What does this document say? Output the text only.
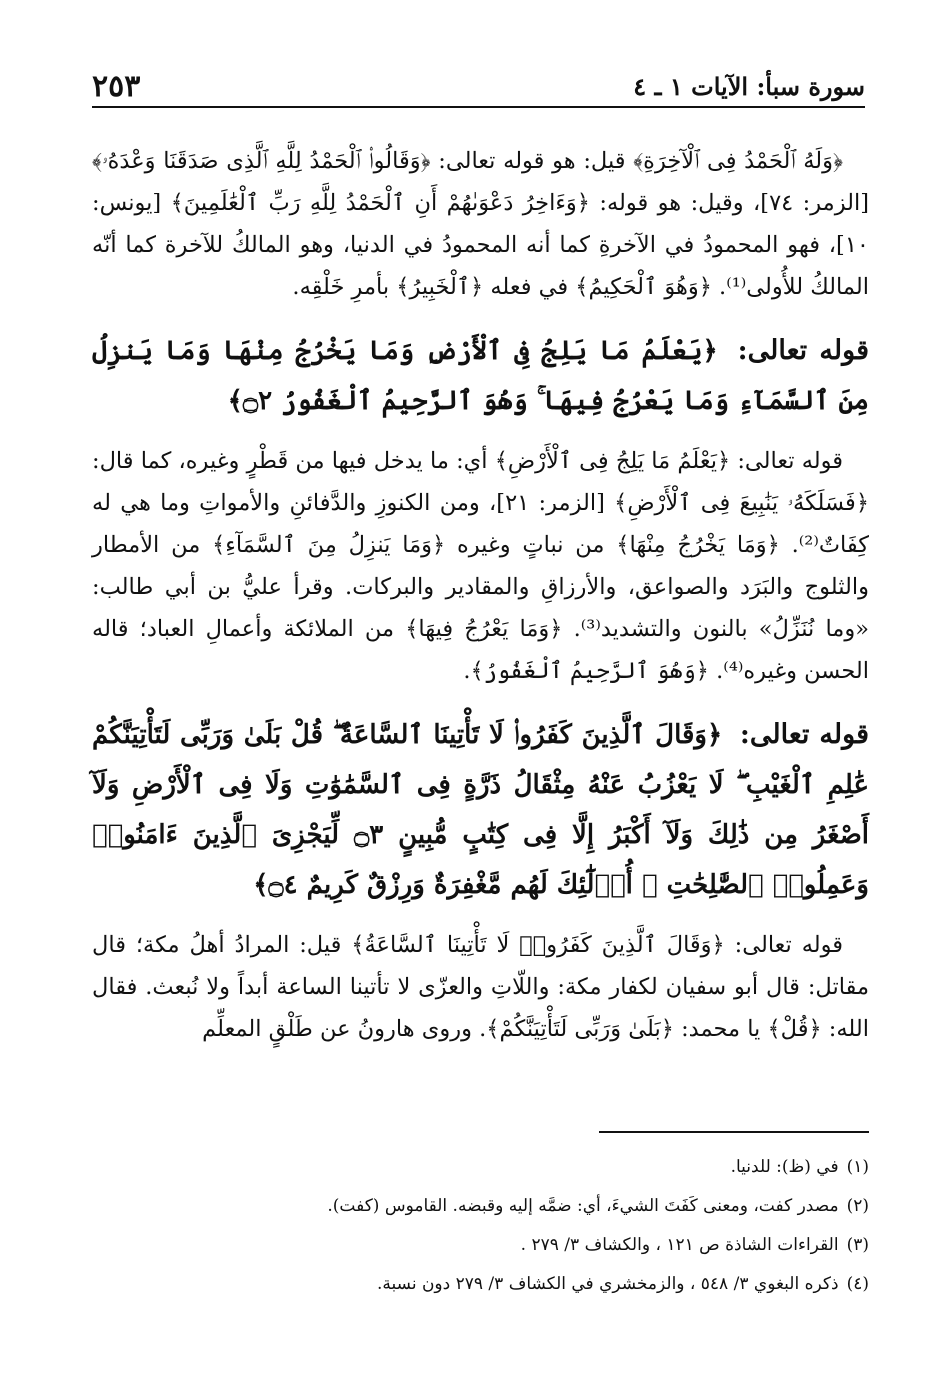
سورة سبأ: الآيات ١ ـ ٤
٢٥٣

﴿وَلَهُ ٱلْحَمْدُ فِى ٱلْآخِرَةِ﴾ قيل: هو قوله تعالى: ﴿وَقَالُوا۟ ٱلْحَمْدُ لِلَّهِ ٱلَّذِى صَدَقَنَا وَعْدَهُۥ﴾ [الزمر: ٧٤]، وقيل: هو قوله: ﴿وَءَاخِرُ دَعْوَىٰهُمْ أَنِ ٱلْحَمْدُ لِلَّهِ رَبِّ ٱلْعَٰلَمِينَ﴾ [يونس: ١٠]، فهو المحمودُ في الآخرةِ كما أنه المحمودُ في الدنيا، وهو المالكُ للآخرة كما أنّه المالكُ للأُولى⁽¹⁾. ﴿وَهُوَ ٱلْحَكِيمُ﴾ في فعله ﴿ٱلْخَبِيرُ﴾ بأمرِ خَلْقِه.

قوله تعالى: ﴿يَعْلَمُ مَا يَلِجُ فِى ٱلْأَرْضِ وَمَا يَخْرُجُ مِنْهَا وَمَا يَنزِلُ مِنَ ٱلسَّمَآءِ وَمَا يَعْرُجُ فِيهَا ۚ وَهُوَ ٱلرَّحِيمُ ٱلْغَفُورُ ۝٢﴾

قوله تعالى: ﴿يَعْلَمُ مَا يَلِجُ فِى ٱلْأَرْضِ﴾ أي: ما يدخل فيها من قَطْرٍ وغيره، كما قال: ﴿فَسَلَكَهُۥ يَنَٰبِيعَ فِى ٱلْأَرْضِ﴾ [الزمر: ٢١]، ومن الكنوزِ والدَّفائنِ والأمواتِ وما هي له كِفَاتٌ⁽²⁾. ﴿وَمَا يَخْرُجُ مِنْهَا﴾ من نباتٍ وغيره ﴿وَمَا يَنزِلُ مِنَ ٱلسَّمَآءِ﴾ من الأمطار والثلوج والبَرَد والصواعق، والأرزاقِ والمقادير والبركات. وقرأ عليُّ بن أبي طالب: «وما نُنَزِّلُ» بالنون والتشديد⁽³⁾. ﴿وَمَا يَعْرُجُ فِيهَا﴾ من الملائكة وأعمالِ العباد؛ قاله الحسن وغيره⁽⁴⁾. ﴿وَهُوَ ٱلرَّحِيمُ ٱلْغَفُورُ﴾.

قوله تعالى: ﴿وَقَالَ ٱلَّذِينَ كَفَرُوا۟ لَا تَأْتِينَا ٱلسَّاعَةُ ۖ قُلْ بَلَىٰ وَرَبِّى لَتَأْتِيَنَّكُمْ عَٰلِمِ ٱلْغَيْبِ ۖ لَا يَعْزُبُ عَنْهُ مِثْقَالُ ذَرَّةٍ فِى ٱلسَّمَٰوَٰتِ وَلَا فِى ٱلْأَرْضِ وَلَآ أَصْغَرُ مِن ذَٰلِكَ وَلَآ أَكْبَرُ إِلَّا فِى كِتَٰبٍ مُّبِينٍ ۝٣ لِّيَجْزِىَ ٱلَّذِينَ ءَامَنُوا۟ وَعَمِلُوا۟ ٱلصَّٰلِحَٰتِ ۚ أُو۟لَٰٓئِكَ لَهُم مَّغْفِرَةٌ وَرِزْقٌ كَرِيمٌ ۝٤﴾

قوله تعالى: ﴿وَقَالَ ٱلَّذِينَ كَفَرُوا۟ لَا تَأْتِينَا ٱلسَّاعَةُ﴾ قيل: المرادُ أهلُ مكة؛ قال مقاتل: قال أبو سفيان لكفار مكة: واللّاتِ والعزّى لا تأتينا الساعة أبداً ولا نُبعث. فقال الله: ﴿قُلْ﴾ يا محمد: ﴿بَلَىٰ وَرَبِّى لَتَأْتِيَنَّكُمْ﴾. وروى هارونُ عن طَلْقٍ المعلِّم

(١)في (ظ): للدنيا.

(٢)مصدر كفت، ومعنى كَفَتَ الشيءَ، أي: ضمَّه إليه وقبضه. القاموس (كفت).

(٣)القراءات الشاذة ص ١٢١ ، والكشاف ٣/ ٢٧٩ .

(٤)ذكره البغوي ٣/ ٥٤٨ ، والزمخشري في الكشاف ٣/ ٢٧٩ دون نسبة.
